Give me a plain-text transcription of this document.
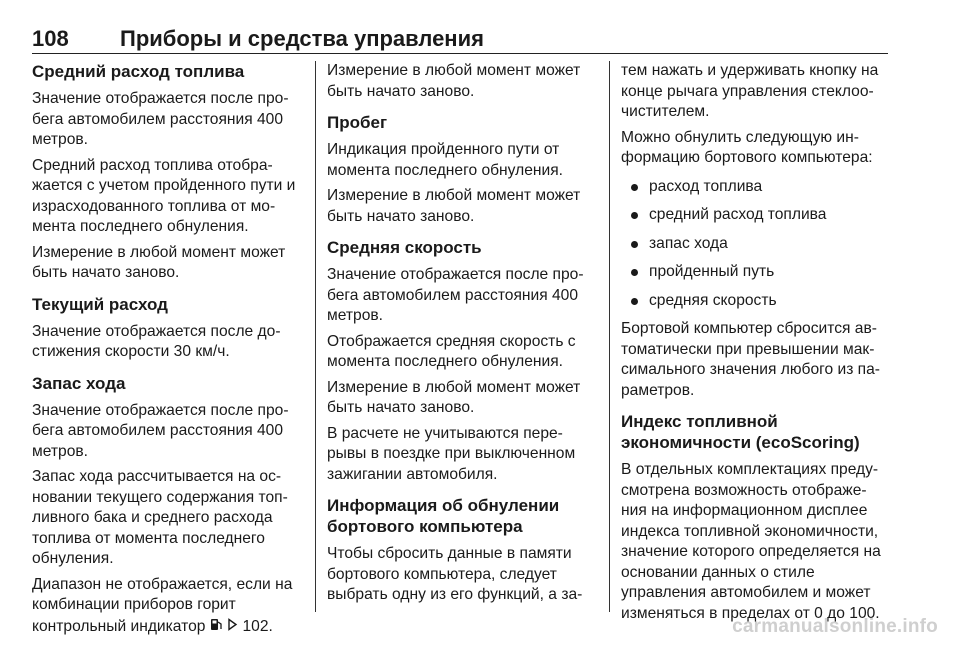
108	Приборы и средства управления
Средний расход топлива

Значение отображается после про-бега автомобилем расстояния 400 метров.

Средний расход топлива отобра-жается с учетом пройденного пути и израсходованного топлива от мо-мента последнего обнуления.

Измерение в любой момент может быть начато заново.

Текущий расход

Значение отображается после до-стижения скорости 30 км/ч.

Запас хода

Значение отображается после про-бега автомобилем расстояния 400 метров.

Запас хода рассчитывается на ос-новании текущего содержания топ-ливного бака и среднего расхода топлива от момента последнего обнуления.

Диапазон не отображается, если на комбинации приборов горит контрольный индикатор 102.

Измерение в любой момент может быть начато заново.

Пробег

Индикация пройденного пути от момента последнего обнуления.

Измерение в любой момент может быть начато заново.

Средняя скорость

Значение отображается после про-бега автомобилем расстояния 400 метров.

Отображается средняя скорость с момента последнего обнуления.

Измерение в любой момент может быть начато заново.

В расчете не учитываются пере-рывы в поездке при выключенном зажигании автомобиля.

Информация об обнулении бортового компьютера

Чтобы сбросить данные в памяти бортового компьютера, следует выбрать одну из его функций, а за-

тем нажать и удерживать кнопку на конце рычага управления стеклоо-чистителем.

Можно обнулить следующую ин-формацию бортового компьютера:

расход топлива
средний расход топлива
запас хода
пройденный путь
средняя скорость

Бортовой компьютер сбросится ав-томатически при превышении мак-симального значения любого из па-раметров.

Индекс топливной экономичности (ecoScoring)

В отдельных комплектациях преду-смотрена возможность отображе-ния на информационном дисплее индекса топливной экономичности, значение которого определяется на основании данных о стиле управления автомобилем и может изменяться в пределах от 0 до 100.

carmanualsonline.info
